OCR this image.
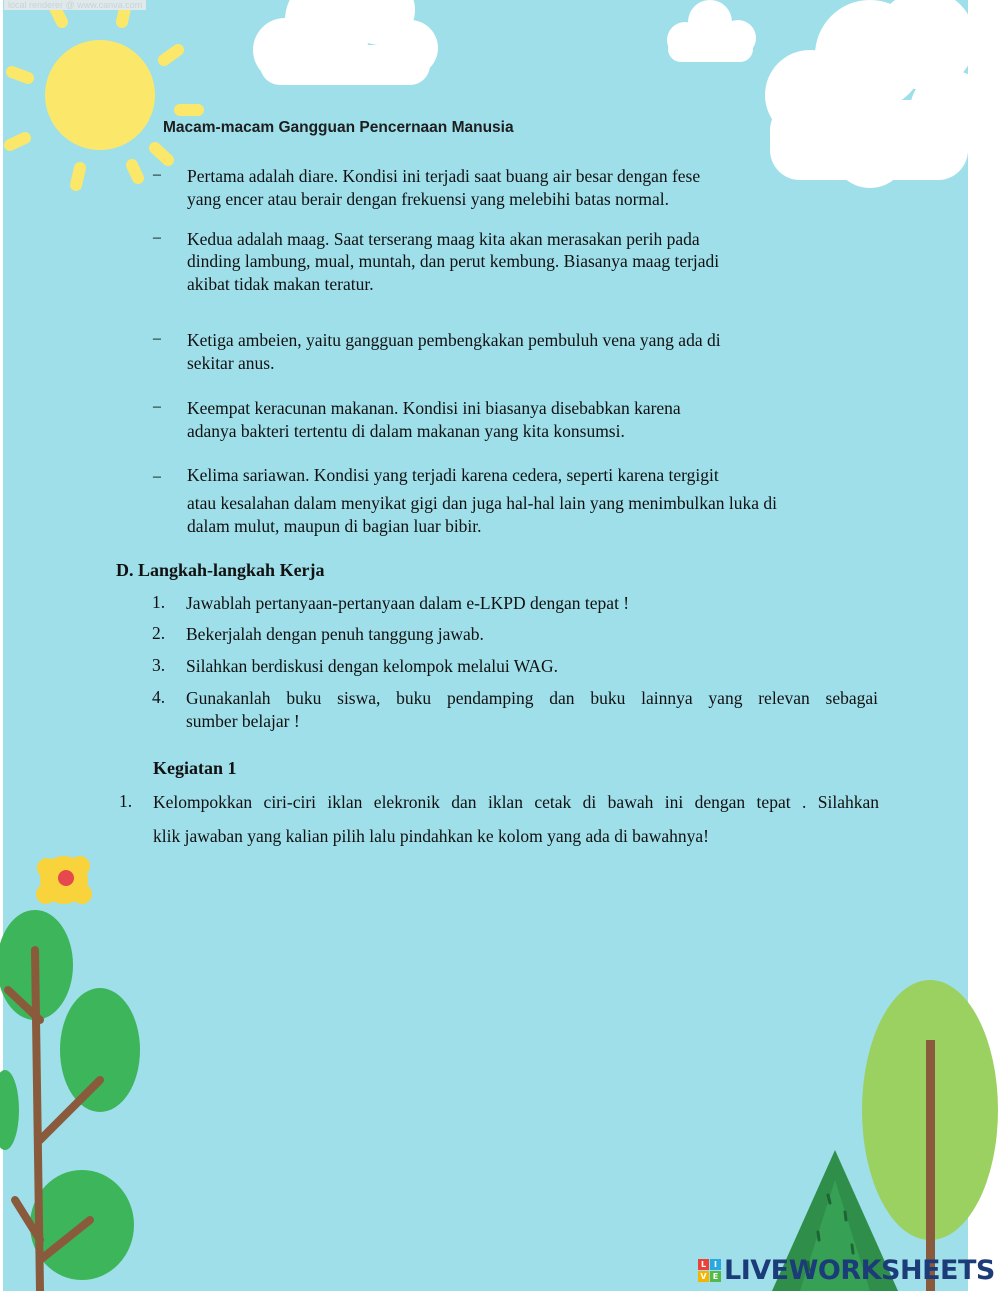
local renderer @ www.canva.com
Macam-macam Gangguan Pencernaan Manusia
− Pertama adalah diare. Kondisi ini terjadi saat buang air besar dengan fese

yang encer atau berair dengan frekuensi yang melebihi batas normal.

− Kedua adalah maag. Saat terserang maag kita akan merasakan perih pada

dinding lambung, mual, muntah, dan perut kembung. Biasanya maag terjadi

akibat tidak makan teratur.

− Ketiga ambeien, yaitu gangguan pembengkakan pembuluh vena yang ada di

sekitar anus.

− Keempat keracunan makanan. Kondisi ini biasanya disebabkan karena

adanya bakteri tertentu di dalam makanan yang kita konsumsi.

− Kelima sariawan. Kondisi yang terjadi karena cedera, seperti karena tergigit

atau kesalahan dalam menyikat gigi dan juga hal-hal lain yang menimbulkan luka di

dalam mulut, maupun di bagian luar bibir.

D. Langkah-langkah Kerja
1. Jawablah pertanyaan-pertanyaan dalam e-LKPD dengan tepat !

2. Bekerjalah dengan penuh tanggung jawab.

3. Silahkan berdiskusi dengan kelompok melalui WAG.

4. Gunakanlah buku siswa, buku pendamping dan buku lainnya yang relevan sebagai

sumber belajar !

Kegiatan 1
1. Kelompokkan ciri-ciri iklan elekronik dan iklan cetak di bawah ini dengan tepat . Silahkan

klik jawaban yang kalian pilih lalu pindahkan ke kolom yang ada di bawahnya!

L I
V E LIVEWORKSHEETS
